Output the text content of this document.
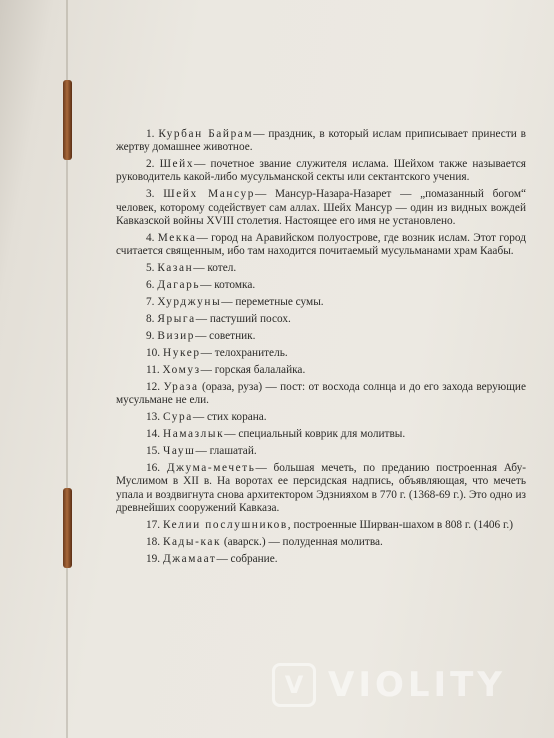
1. Курбан Байрам— праздник, в который ислам приписывает принести в жертву домашнее животное.

2. Шейх— почетное звание служителя ислама. Шейхом также называется руководитель какой-либо мусульманской секты или сектантского учения.

3. Шейх Мансур— Мансур-Назара-Назарет — „помазанный богом“ человек, которому содействует сам аллах. Шейх Мансур — один из видных вождей Кавказской войны XVIII столетия. Настоящее его имя не установлено.

4. Мекка— город на Аравийском полуострове, где возник ислам. Этот город считается священным, ибо там находится почитаемый мусульманами храм Каабы.

5. Казан— котел.

6. Дагарь— котомка.

7. Хурджуны— переметные сумы.

8. Ярыга— пастуший посох.

9. Визир— советник.

10. Нукер— телохранитель.

11. Хомуз— горская балалайка.

12. Ураза (ораза, руза) — пост: от восхода солнца и до его захода верующие мусульмане не ели.

13. Сура— стих корана.

14. Намазлык— специальный коврик для молитвы.

15. Чауш— глашатай.

16. Джума-мечеть— большая мечеть, по преданию построенная Абу-Муслимом в XII в. На воротах ее персидская надпись, объявляющая, что мечеть упала и воздвигнута снова архитектором Эдзнияхом в 770 г. (1368-69 г.). Это одно из древнейших сооружений Кавказа.

17. Келии послушников, построенные Ширван-шахом в 808 г. (1406 г.)

18. Кады-как (аварск.) — полуденная молитва.

19. Джамаат— собрание.

V VIOLITY
